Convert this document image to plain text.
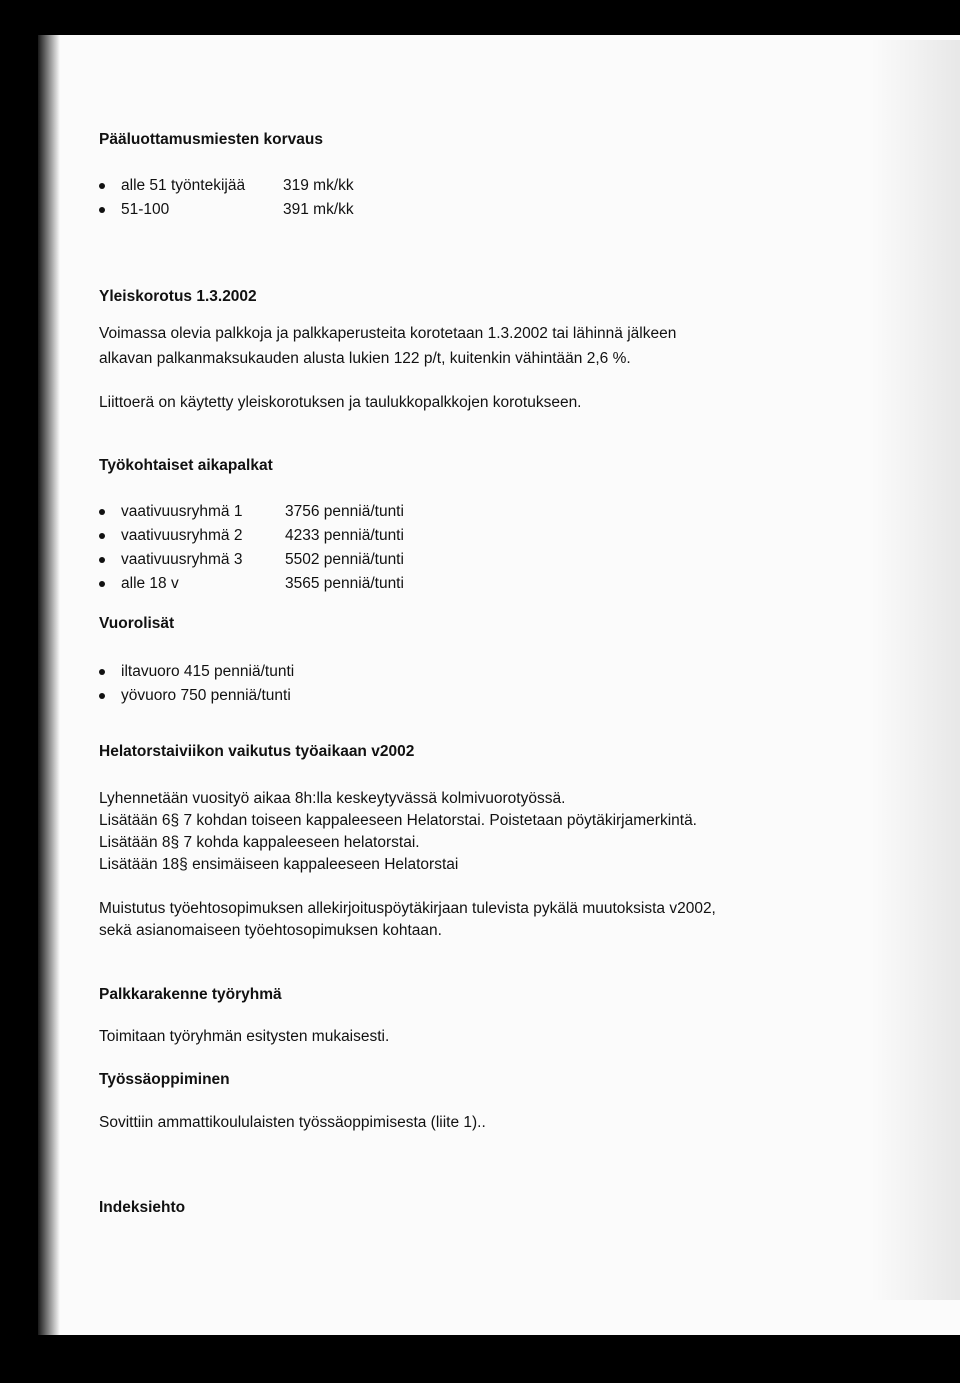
Pääluottamusmiesten korvaus
alle 51 työntekijää 319 mk/kk
51-100	391 mk/kk
Yleiskorotus 1.3.2002
Voimassa olevia palkkoja ja palkkaperusteita korotetaan 1.3.2002 tai lähinnä jälkeen
alkavan palkanmaksukauden alusta lukien 122 p/t, kuitenkin vähintään 2,6 %.
Liittoerä on käytetty yleiskorotuksen ja taulukkopalkkojen korotukseen.
Työkohtaiset aikapalkat
vaativuusryhmä 1	3756 penniä/tunti
vaativuusryhmä 2	4233 penniä/tunti
vaativuusryhmä 3	5502 penniä/tunti
alle 18 v	3565 penniä/tunti
Vuorolisät
iltavuoro 415 penniä/tunti
yövuoro 750 penniä/tunti
Helatorstaiviikon vaikutus työaikaan v2002
Lyhennetään vuosityö aikaa 8h:lla keskeytyvässä kolmivuorotyössä.
Lisätään 6§ 7 kohdan toiseen kappaleeseen Helatorstai. Poistetaan pöytäkirjamerkintä.
Lisätään 8§ 7 kohda kappaleeseen helatorstai.
Lisätään 18§ ensimäiseen kappaleeseen Helatorstai
Muistutus työehtosopimuksen allekirjoituspöytäkirjaan tulevista pykälä muutoksista v2002,
sekä asianomaiseen työehtosopimuksen kohtaan.
Palkkarakenne työryhmä
Toimitaan työryhmän esitysten mukaisesti.
Työssäoppiminen
Sovittiin ammattikoululaisten työssäoppimisesta (liite 1)..
Indeksiehto
